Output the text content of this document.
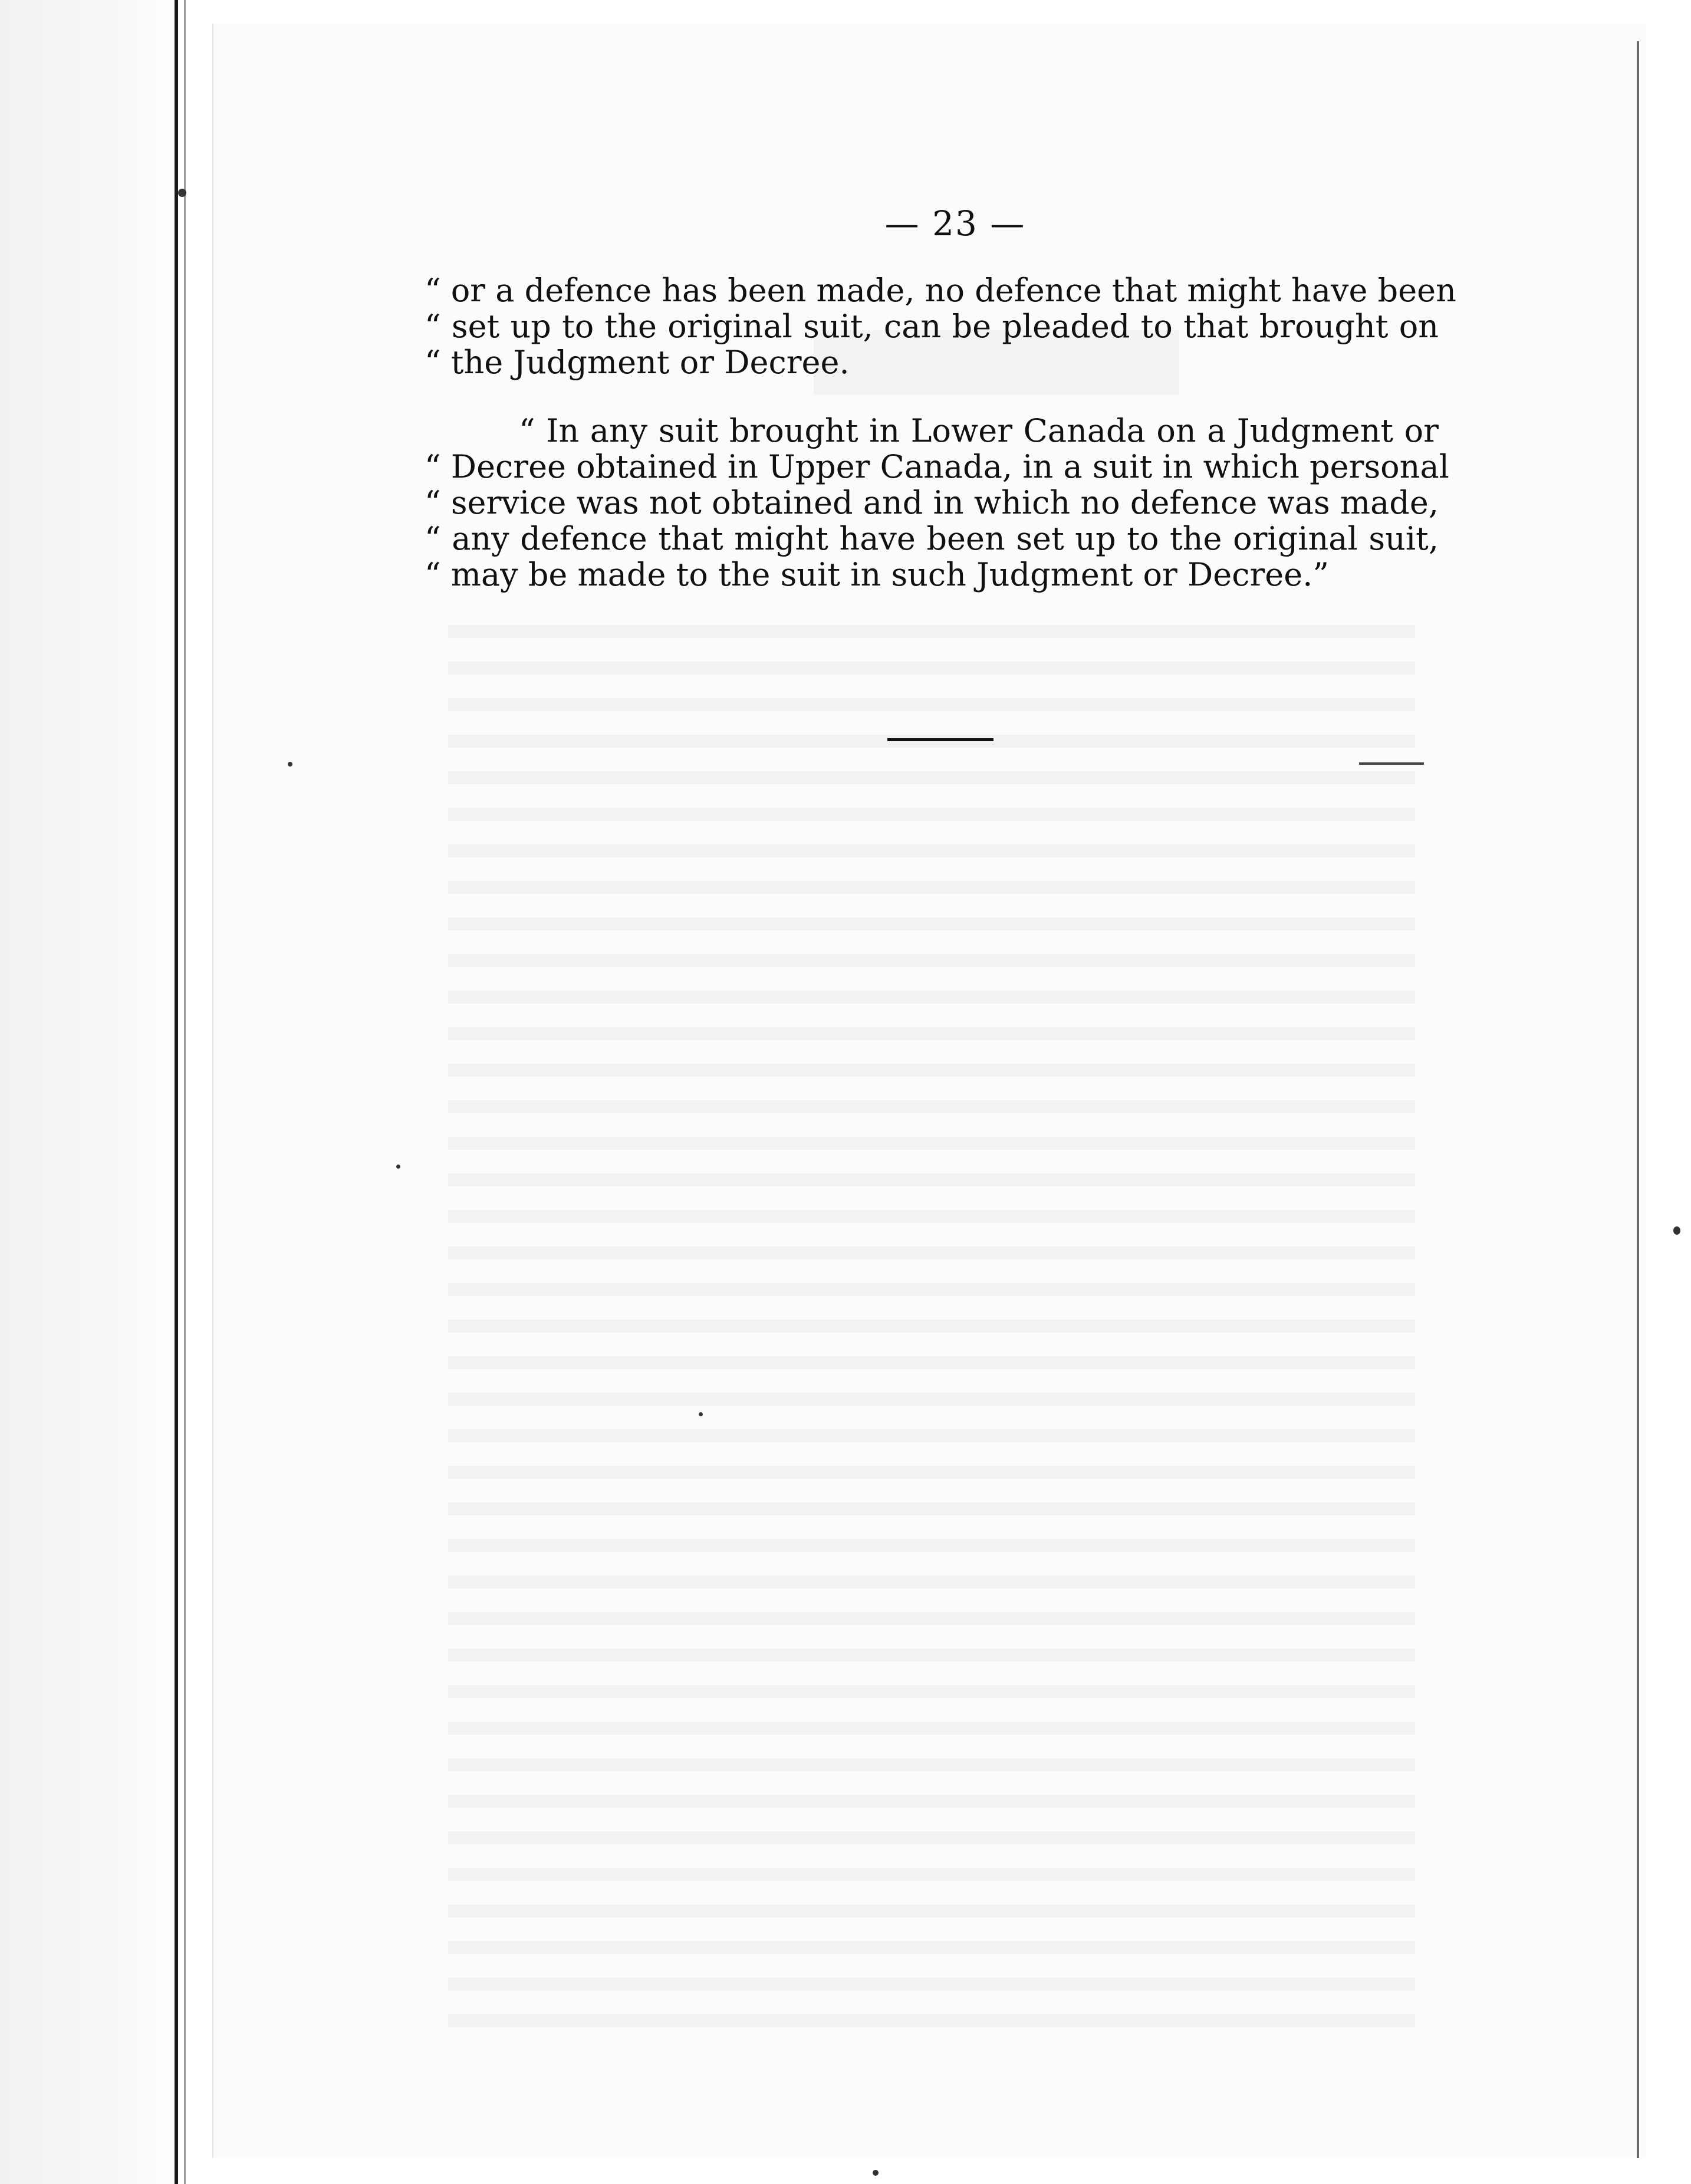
— 23 —
“ or a defence has been made, no defence that might have been
“ set up to the original suit, can be pleaded to that brought on
“ the Judgment or Decree.
“ In any suit brought in Lower Canada on a Judgment or
“ Decree obtained in Upper Canada, in a suit in which personal
“ service was not obtained and in which no defence was made,
“ any defence that might have been set up to the original suit,
“ may be made to the suit in such Judgment or Decree.”
